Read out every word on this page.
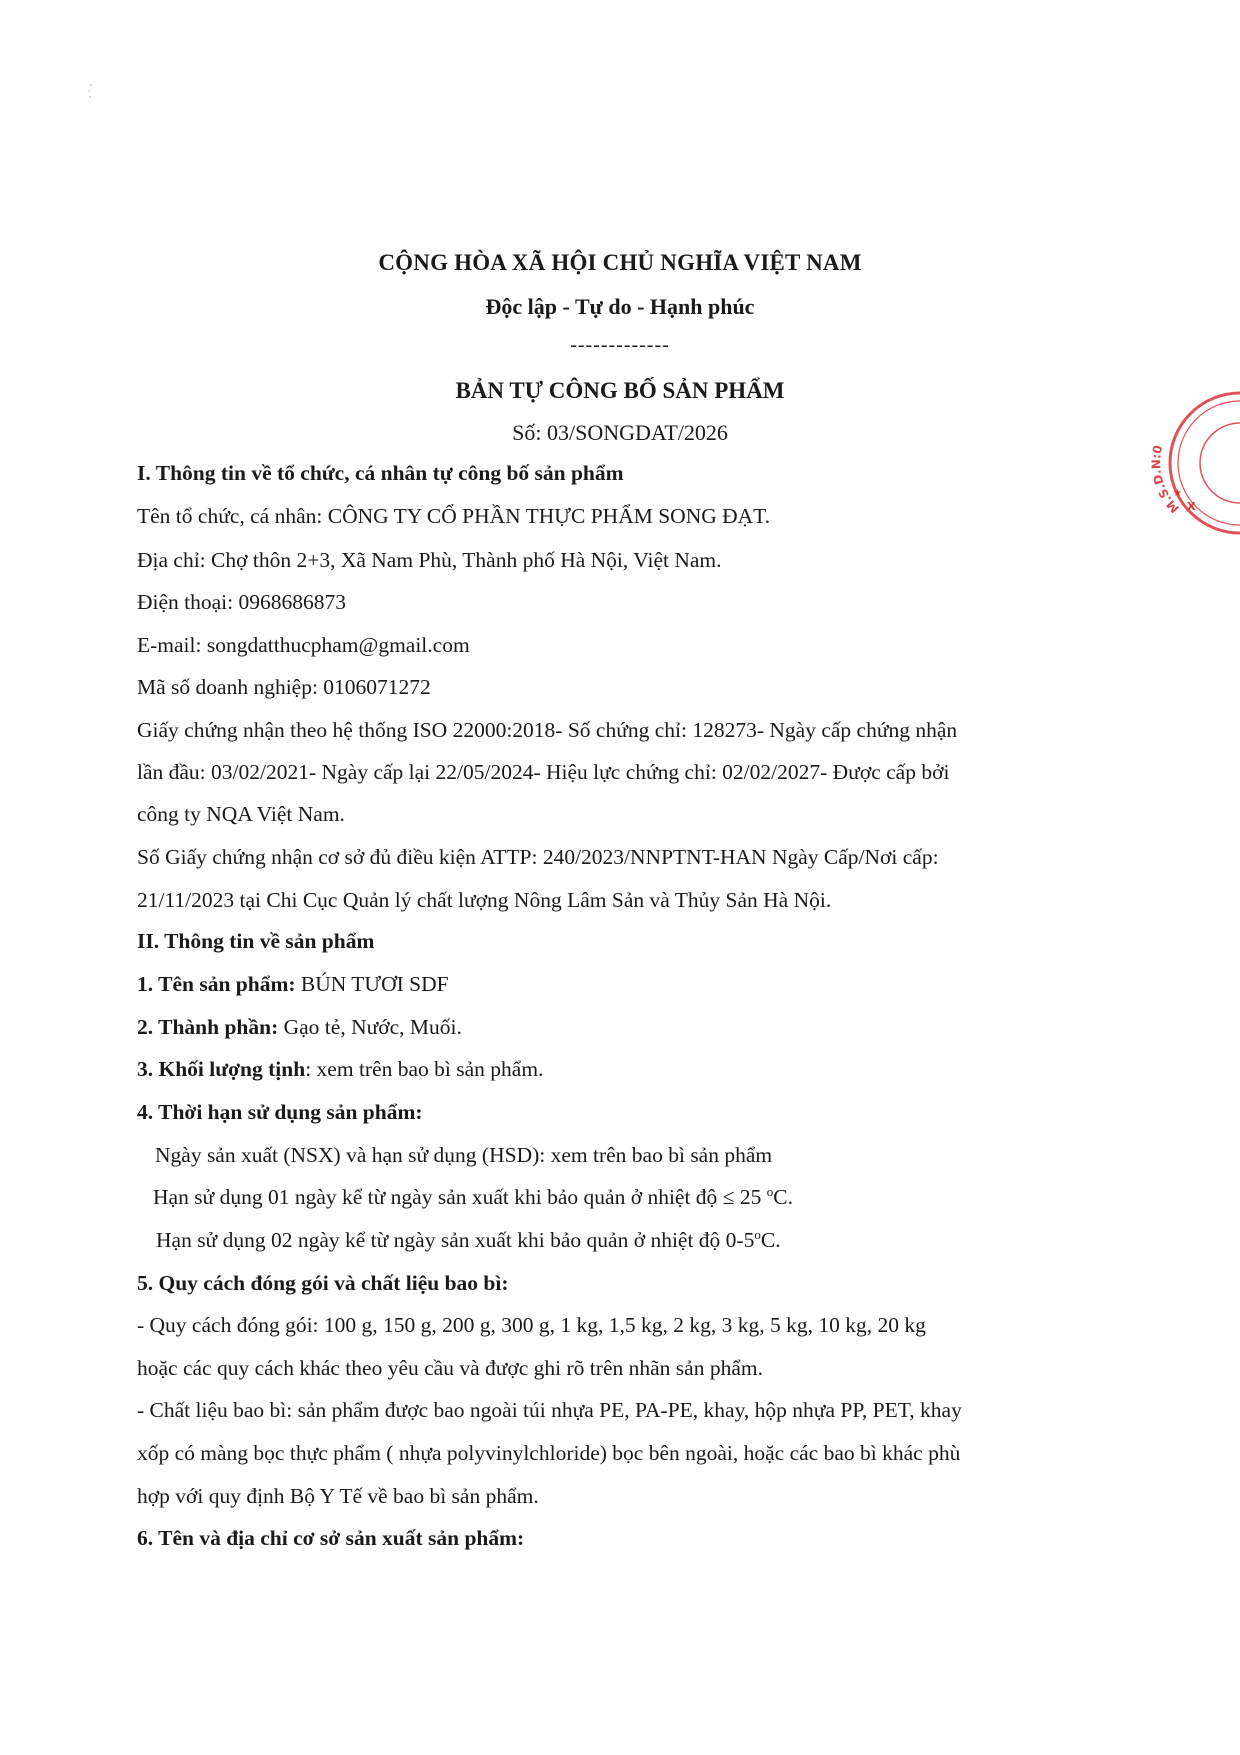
CỘNG HÒA XÃ HỘI CHỦ NGHĨA VIỆT NAM
Độc lập - Tự do - Hạnh phúc
-------------
BẢN TỰ CÔNG BỐ SẢN PHẨM
Số: 03/SONGDAT/2026
I. Thông tin về tổ chức, cá nhân tự công bố sản phẩm
Tên tổ chức, cá nhân: CÔNG TY CỔ PHẦN THỰC PHẨM SONG ĐẠT.
Địa chỉ: Chợ thôn 2+3, Xã Nam Phù, Thành phố Hà Nội, Việt Nam.
Điện thoại: 0968686873
E-mail: songdatthucpham@gmail.com
Mã số doanh nghiệp: 0106071272
Giấy chứng nhận theo hệ thống ISO 22000:2018- Số chứng chỉ: 128273- Ngày cấp chứng nhận
lần đầu: 03/02/2021- Ngày cấp lại 22/05/2024- Hiệu lực chứng chỉ: 02/02/2027- Được cấp bởi
công ty NQA Việt Nam.
Số Giấy chứng nhận cơ sở đủ điều kiện ATTP: 240/2023/NNPTNT-HAN Ngày Cấp/Nơi cấp:
21/11/2023 tại Chi Cục Quản lý chất lượng Nông Lâm Sản và Thủy Sản Hà Nội.
II. Thông tin về sản phẩm
1. Tên sản phẩm: BÚN TƯƠI SDF
2. Thành phần: Gạo tẻ, Nước, Muối.
3. Khối lượng tịnh: xem trên bao bì sản phẩm.
4. Thời hạn sử dụng sản phẩm:
Ngày sản xuất (NSX) và hạn sử dụng (HSD): xem trên bao bì sản phẩm
Hạn sử dụng 01 ngày kể từ ngày sản xuất khi bảo quản ở nhiệt độ ≤ 25 $^o$C.
Hạn sử dụng 02 ngày kể từ ngày sản xuất khi bảo quản ở nhiệt độ 0-5$^o$C.
5. Quy cách đóng gói và chất liệu bao bì:
- Quy cách đóng gói: 100 g, 150 g, 200 g, 300 g, 1 kg, 1,5 kg, 2 kg, 3 kg, 5 kg, 10 kg, 20 kg
hoặc các quy cách khác theo yêu cầu và được ghi rõ trên nhãn sản phẩm.
- Chất liệu bao bì: sản phẩm được bao ngoài túi nhựa PE, PA-PE, khay, hộp nhựa PP, PET, khay
xốp có màng bọc thực phẩm ( nhựa polyvinylchloride) bọc bên ngoài, hoặc các bao bì khác phù
hợp với quy định Bộ Y Tế về bao bì sản phẩm.
6. Tên và địa chỉ cơ sở sản xuất sản phẩm:
M.S.D.N:0
X
★
